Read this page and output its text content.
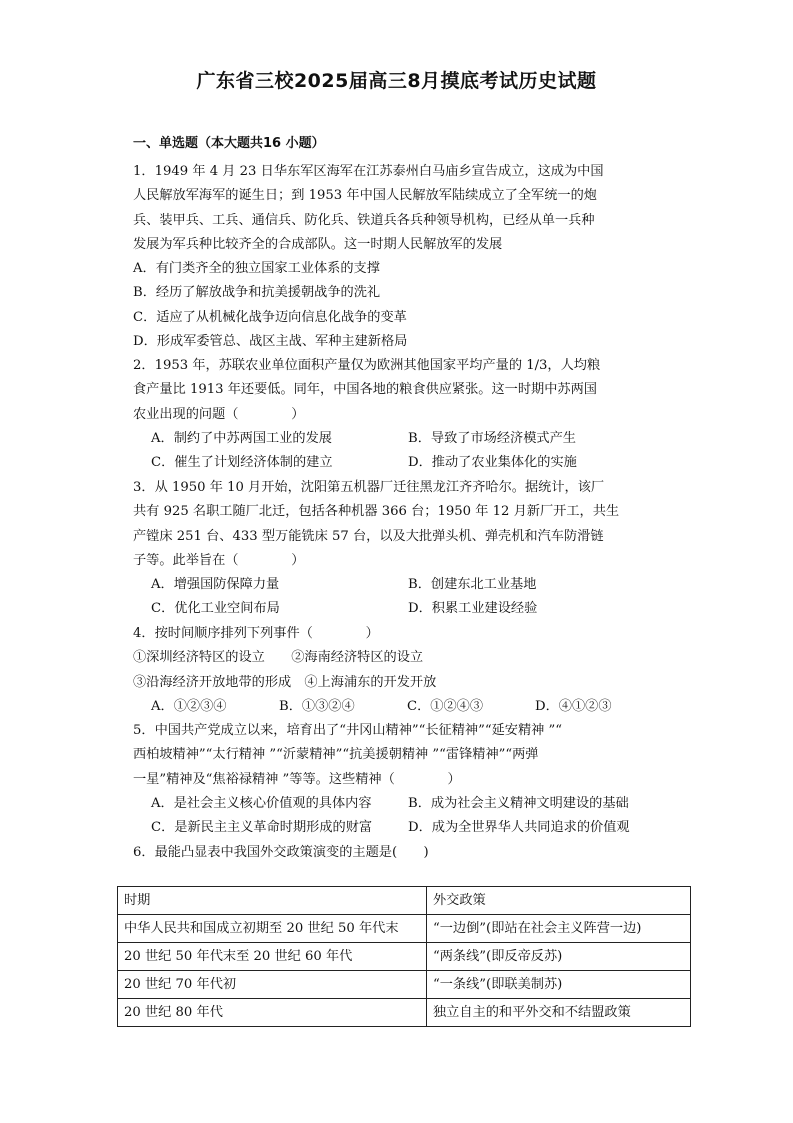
广东省三校2025届高三8月摸底考试历史试题
一、单选题（本大题共16 小题）
1．1949 年 4 月 23 日华东军区海军在江苏泰州白马庙乡宣告成立，这成为中国
人民解放军海军的诞生日；到 1953 年中国人民解放军陆续成立了全军统一的炮
兵、装甲兵、工兵、通信兵、防化兵、铁道兵各兵种领导机构，已经从单一兵种
发展为军兵种比较齐全的合成部队。这一时期人民解放军的发展
A．有门类齐全的独立国家工业体系的支撑
B．经历了解放战争和抗美援朝战争的洗礼
C．适应了从机械化战争迈向信息化战争的变革
D．形成军委管总、战区主战、军种主建新格局
2．1953 年，苏联农业单位面积产量仅为欧洲其他国家平均产量的 1/3，人均粮
食产量比 1913 年还要低。同年，中国各地的粮食供应紧张。这一时期中苏两国
农业出现的问题（　　　　）
A．制约了中苏两国工业的发展	B．导致了市场经济模式产生
C．催生了计划经济体制的建立	D．推动了农业集体化的实施
3．从 1950 年 10 月开始，沈阳第五机器厂迁往黑龙江齐齐哈尔。据统计，该厂
共有 925 名职工随厂北迁，包括各种机器 366 台；1950 年 12 月新厂开工，共生
产镗床 251 台、433 型万能铣床 57 台，以及大批弹头机、弹壳机和汽车防滑链
子等。此举旨在（　　　　）
A．增强国防保障力量	B．创建东北工业基地
C．优化工业空间布局	D．积累工业建设经验
4．按时间顺序排列下列事件（　　　　）
①深圳经济特区的设立　　②海南经济特区的设立
③沿海经济开放地带的形成　④上海浦东的开发开放
A．①②③④	B．①③②④	C．①②④③	D．④①②③
5．中国共产党成立以来，培育出了“井冈山精神”“长征精神”“延安精神 ”“
西柏坡精神”“太行精神 ”“沂蒙精神”“抗美援朝精神 ”“雷锋精神”“两弹
一星”精神及“焦裕禄精神 ”等等。这些精神（　　　　）
A．是社会主义核心价值观的具体内容	B．成为社会主义精神文明建设的基础
C．是新民主主义革命时期形成的财富	D．成为全世界华人共同追求的价值观
6．最能凸显表中我国外交政策演变的主题是(　　)
时期	外交政策
中华人民共和国成立初期至 20 世纪 50 年代末	“一边倒”(即站在社会主义阵营一边)
20 世纪 50 年代末至 20 世纪 60 年代	“两条线”(即反帝反苏)
20 世纪 70 年代初	“一条线”(即联美制苏)
20 世纪 80 年代	独立自主的和平外交和不结盟政策
